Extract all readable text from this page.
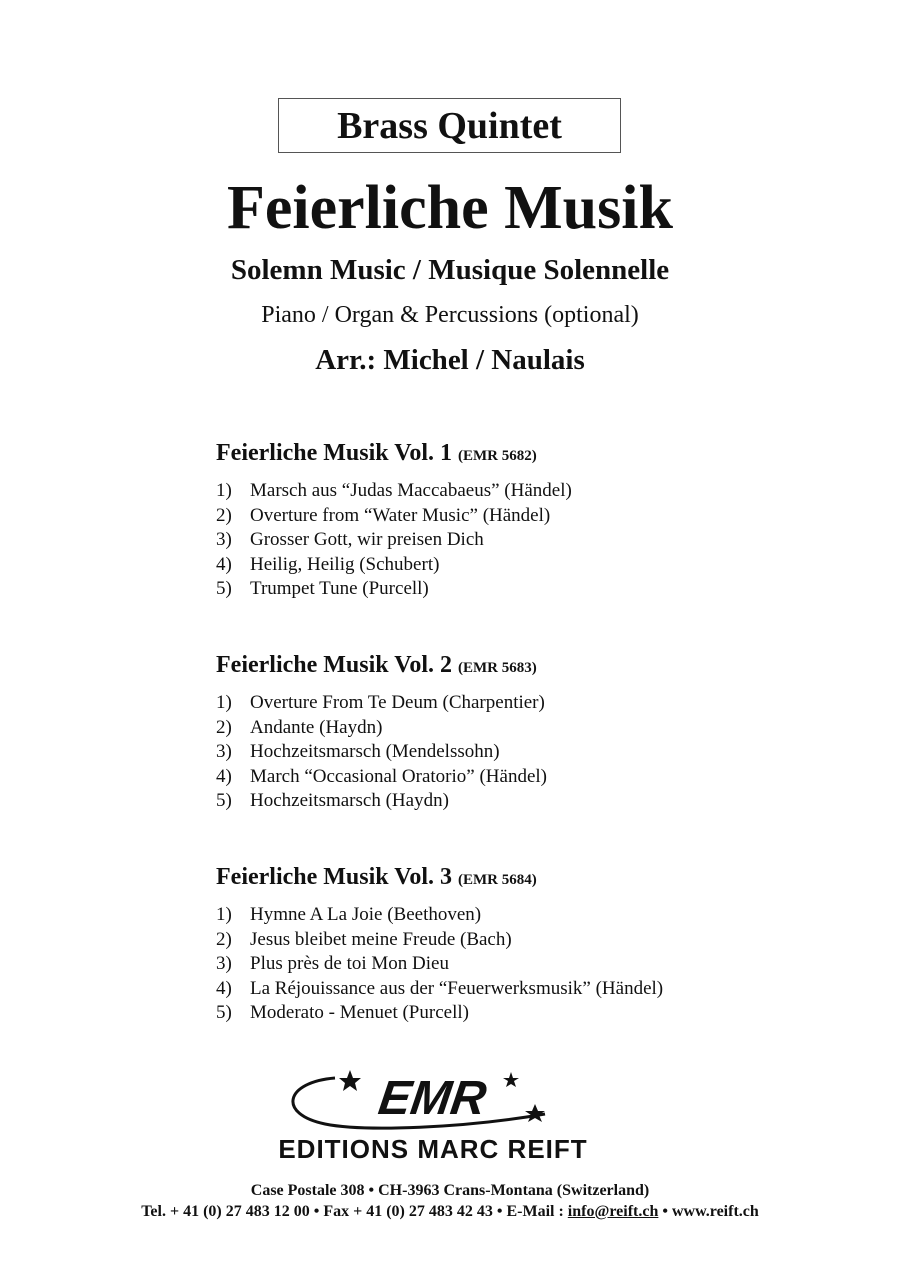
Brass Quintet
Feierliche Musik
Solemn Music / Musique Solennelle
Piano / Organ & Percussions (optional)
Arr.: Michel / Naulais
Feierliche Musik Vol. 1 (EMR 5682)
1) Marsch aus “Judas Maccabaeus” (Händel)
2) Overture from “Water Music” (Händel)
3) Grosser Gott, wir preisen Dich
4) Heilig, Heilig (Schubert)
5) Trumpet Tune (Purcell)
Feierliche Musik Vol. 2 (EMR 5683)
1) Overture From Te Deum (Charpentier)
2) Andante (Haydn)
3) Hochzeitsmarsch (Mendelssohn)
4) March “Occasional Oratorio” (Händel)
5) Hochzeitsmarsch (Haydn)
Feierliche Musik Vol. 3 (EMR 5684)
1) Hymne A La Joie (Beethoven)
2) Jesus bleibet meine Freude (Bach)
3) Plus près de toi Mon Dieu
4) La Réjouissance aus der “Feuerwerksmusik” (Händel)
5) Moderato - Menuet (Purcell)
EMR
EDITIONS MARC REIFT
Case Postale 308 • CH-3963 Crans-Montana (Switzerland)
Tel. + 41 (0) 27 483 12 00 • Fax + 41 (0) 27 483 42 43 • E-Mail : info@reift.ch • www.reift.ch
